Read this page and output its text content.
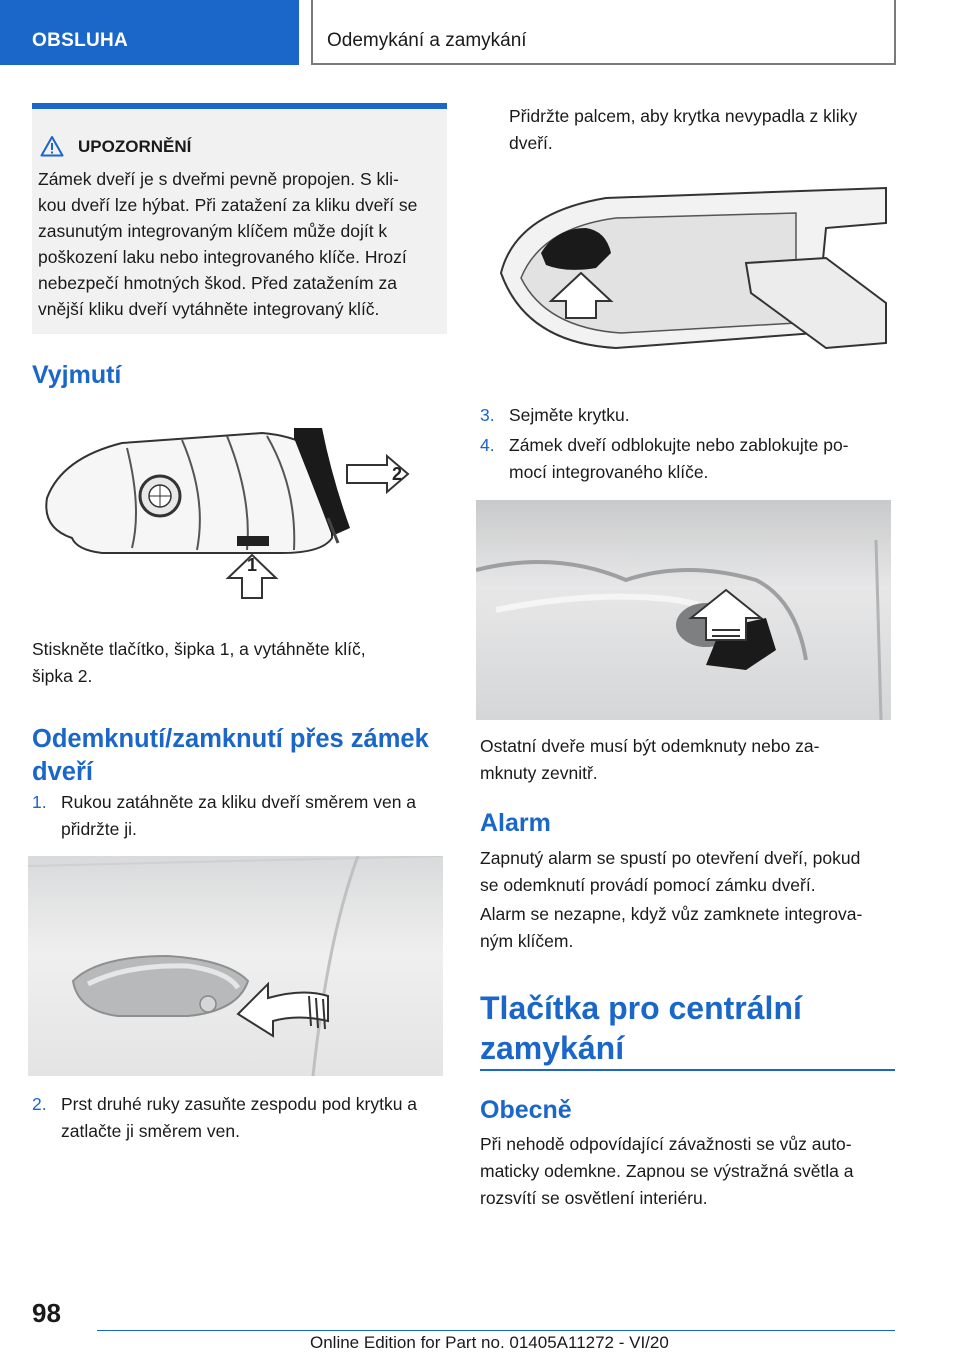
OBSLUHA	Odemykání a zamykání
UPOZORNĚNÍ
Zámek dveří je s dveřmi pevně propojen. S kli‐
kou dveří lze hýbat. Při zatažení za kliku dveří se
zasunutým integrovaným klíčem může dojít k
poškození laku nebo integrovaného klíče. Hrozí
nebezpečí hmotných škod. Před zatažením za
vnější kliku dveří vytáhněte integrovaný klíč.
Vyjmutí
2
1
Stiskněte tlačítko, šipka 1, a vytáhněte klíč,
šipka 2.
Odemknutí/zamknutí přes zámek
dveří
1. Rukou zatáhněte za kliku dveří směrem ven a
přidržte ji.
2. Prst druhé ruky zasuňte zespodu pod krytku a
zatlačte ji směrem ven.
Přidržte palcem, aby krytka nevypadla z kliky
dveří.
3. Sejměte krytku.
4. Zámek dveří odblokujte nebo zablokujte po‐
mocí integrovaného klíče.
Ostatní dveře musí být odemknuty nebo za‐
mknuty zevnitř.
Alarm
Zapnutý alarm se spustí po otevření dveří, pokud
se odemknutí provádí pomocí zámku dveří.
Alarm se nezapne, když vůz zamknete integrova‐
ným klíčem.
Tlačítka pro centrální
zamykání
Obecně
Při nehodě odpovídající závažnosti se vůz auto‐
maticky odemkne. Zapnou se výstražná světla a
rozsvítí se osvětlení interiéru.
98
Online Edition for Part no. 01405A11272 - VI/20
